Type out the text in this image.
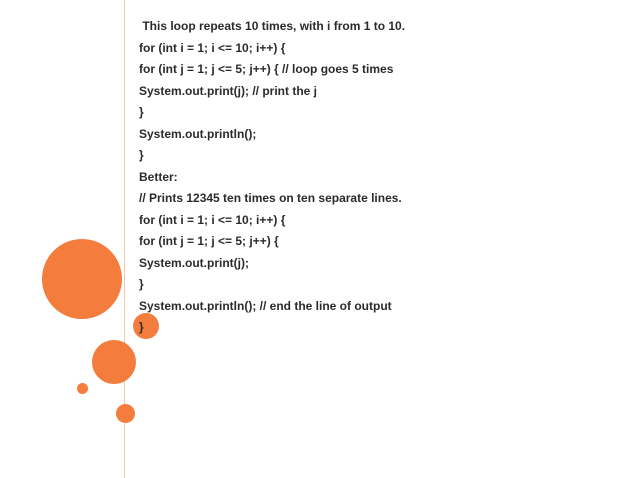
This loop repeats 10 times, with i from 1 to 10.
for (int i = 1; i <= 10; i++) {
for (int j = 1; j <= 5; j++) { // loop goes 5 times
System.out.print(j); // print the j
}
System.out.println();
}
Better:
// Prints 12345 ten times on ten separate lines.
for (int i = 1; i <= 10; i++) {
for (int j = 1; j <= 5; j++) {
System.out.print(j);
}
System.out.println(); // end the line of output
}
